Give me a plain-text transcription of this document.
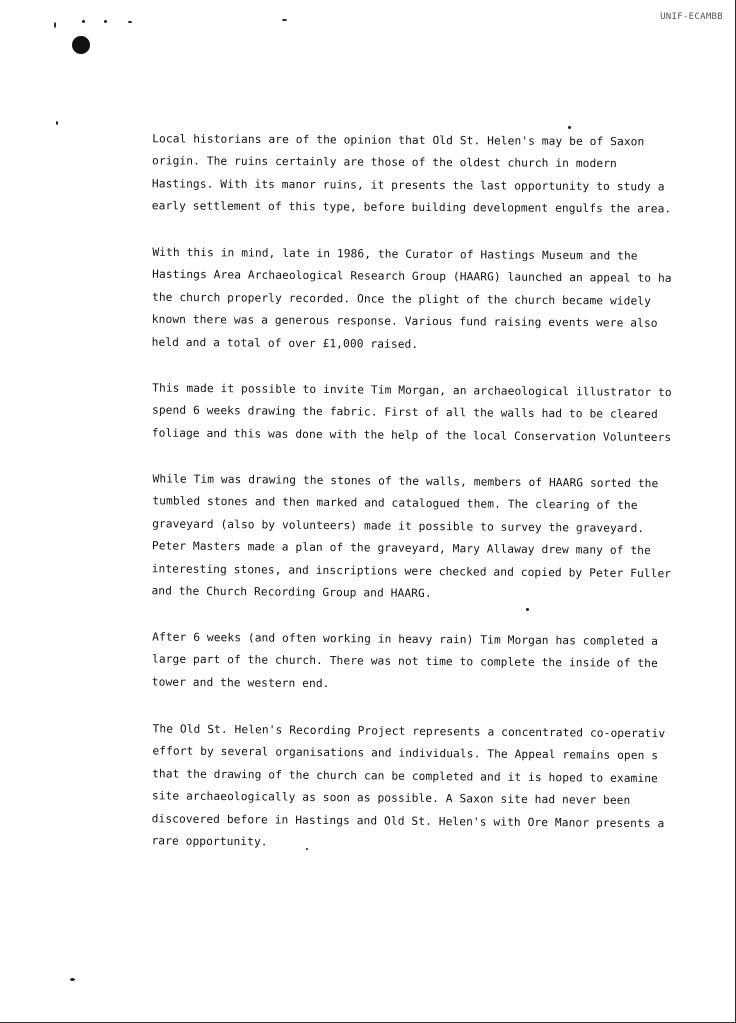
UNIF-ECAMBB
Local historians are of the opinion that Old St. Helen's may be of Saxon
origin. The ruins certainly are those of the oldest church in modern
Hastings. With its manor ruins, it presents the last opportunity to study a
early settlement of this type, before building development engulfs the area.
With this in mind, late in 1986, the Curator of Hastings Museum and the
Hastings Area Archaeological Research Group (HAARG) launched an appeal to ha
the church properly recorded. Once the plight of the church became widely
known there was a generous response. Various fund raising events were also
held and a total of over £1,000 raised.
This made it possible to invite Tim Morgan, an archaeological illustrator to
spend 6 weeks drawing the fabric. First of all the walls had to be cleared
foliage and this was done with the help of the local Conservation Volunteers
While Tim was drawing the stones of the walls, members of HAARG sorted the
tumbled stones and then marked and catalogued them. The clearing of the
graveyard (also by volunteers) made it possible to survey the graveyard.
Peter Masters made a plan of the graveyard, Mary Allaway drew many of the
interesting stones, and inscriptions were checked and copied by Peter Fuller
and the Church Recording Group and HAARG.
After 6 weeks (and often working in heavy rain) Tim Morgan has completed a
large part of the church. There was not time to complete the inside of the
tower and the western end.
The Old St. Helen's Recording Project represents a concentrated co-operativ
effort by several organisations and individuals. The Appeal remains open s
that the drawing of the church can be completed and it is hoped to examine
site archaeologically as soon as possible. A Saxon site had never been
discovered before in Hastings and Old St. Helen's with Ore Manor presents a
rare opportunity.
